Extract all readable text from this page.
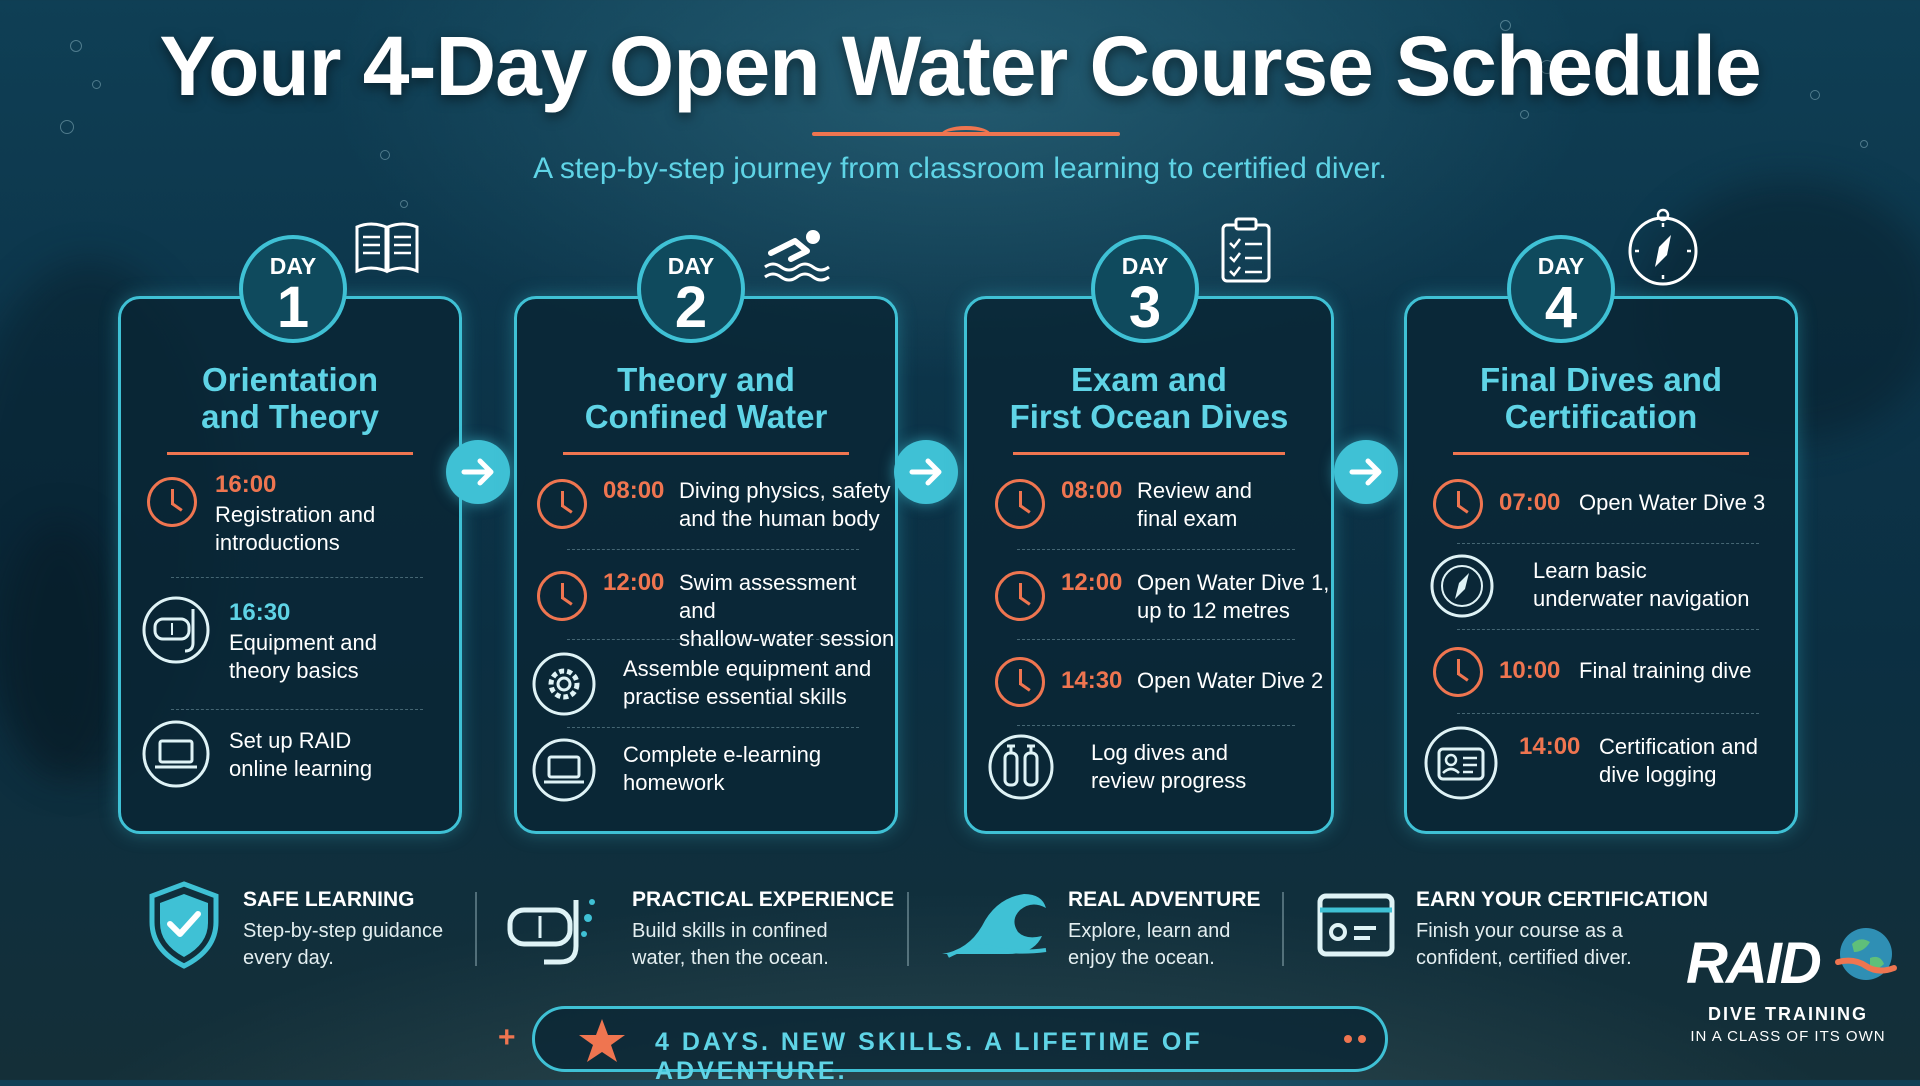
Your 4-Day Open Water Course Schedule
A step-by-step journey from classroom learning to certified diver.
DAY
1
Orientation
and Theory
16:00
Registration and
introductions
16:30
Equipment and
theory basics
Set up RAID
online learning
DAY
2
Theory and
Confined Water
08:00 Diving physics, safety
and the human body
12:00 Swim assessment and
shallow-water session
Assemble equipment and
practise essential skills
Complete e-learning
homework
DAY
3
Exam and
First Ocean Dives
08:00 Review and
final exam
12:00 Open Water Dive 1,
up to 12 metres
14:30 Open Water Dive 2
Log dives and
review progress
DAY
4
Final Dives and
Certification
07:00 Open Water Dive 3
Learn basic
underwater navigation
10:00 Final training dive
14:00 Certification and
dive logging
SAFE LEARNING
Step-by-step guidance
every day.
PRACTICAL EXPERIENCE
Build skills in confined
water, then the ocean.
REAL ADVENTURE
Explore, learn and
enjoy the ocean.
EARN YOUR CERTIFICATION
Finish your course as a
confident, certified diver.
+	4 DAYS. NEW SKILLS. A LIFETIME OF ADVENTURE.
RAID
DIVE TRAINING
IN A CLASS OF ITS OWN
